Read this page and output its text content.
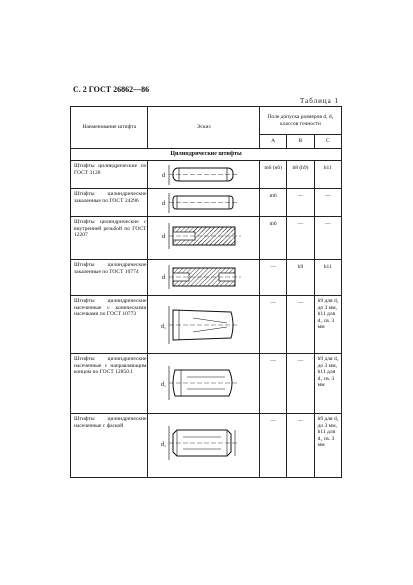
С. 2 ГОСТ 26862—86
Таблица 1
Наименование штифта	Эскиз	Поле допуска размеров d, d₁ классов точности		
		A	B	C
Цилиндрические штифты				
Штифты цилиндрические по ГОСТ 3128	d	m6 (n6)	h8 (h9)	h11
Штифты цилиндрические закаленные по ГОСТ 24296	d	m6	—	—
Штифты цилиндрические с внутренней резьбой по ГОСТ 12207	d	m6	—	—
Штифты цилиндрические закаленные по ГОСТ 10774	d	—	h9	h11
Штифты цилиндрические насеченные с коническими насечками по ГОСТ 10773	d₁	—	—	h9 для d₁ до 3 мм, h11 для d₁ св. 3 мм
Штифты цилиндрические насеченные с направляющим концом по ГОСТ 12850.1	d₁	—	—	h9 для d₁ до 3 мм, h11 для d₁ св. 3 мм
Штифты цилиндрические насеченные с фаской	d₁	—	—	h9 для d₁ до 3 мм, h11 для d₁ св. 3 мм
